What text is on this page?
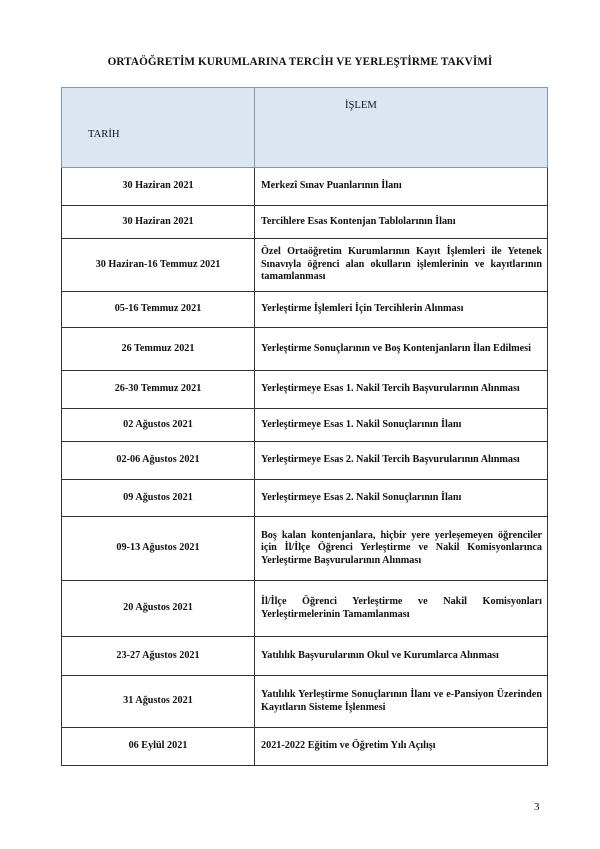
ORTAÖĞRETİM KURUMLARINA TERCİH VE YERLEŞTİRME TAKVİMİ
TARİH	İŞLEM
30 Haziran 2021	Merkezî Sınav Puanlarının İlanı
30 Haziran 2021	Tercihlere Esas Kontenjan Tablolarının İlanı
30 Haziran-16 Temmuz 2021	Özel Ortaöğretim Kurumlarının Kayıt İşlemleri ile Yetenek Sınavıyla öğrenci alan okulların işlemlerinin ve kayıtlarının tamamlanması
05-16 Temmuz 2021	Yerleştirme İşlemleri İçin Tercihlerin Alınması
26 Temmuz 2021	Yerleştirme Sonuçlarının ve Boş Kontenjanların İlan Edilmesi
26-30 Temmuz 2021	Yerleştirmeye Esas 1. Nakil Tercih Başvurularının Alınması
02 Ağustos 2021	Yerleştirmeye Esas 1. Nakil Sonuçlarının İlanı
02-06 Ağustos 2021	Yerleştirmeye Esas 2. Nakil Tercih Başvurularının Alınması
09 Ağustos 2021	Yerleştirmeye Esas 2. Nakil Sonuçlarının İlanı
09-13 Ağustos 2021	Boş kalan kontenjanlara, hiçbir yere yerleşemeyen öğrenciler için İl/İlçe Öğrenci Yerleştirme ve Nakil Komisyonlarınca Yerleştirme Başvurularının Alınması
20 Ağustos 2021	İl/İlçe Öğrenci Yerleştirme ve Nakil Komisyonları Yerleştirmelerinin Tamamlanması
23-27 Ağustos 2021	Yatılılık Başvurularının Okul ve Kurumlarca Alınması
31 Ağustos 2021	Yatılılık Yerleştirme Sonuçlarının İlanı ve e-Pansiyon Üzerinden Kayıtların Sisteme İşlenmesi
06 Eylül 2021	2021-2022 Eğitim ve Öğretim Yılı Açılışı
3
